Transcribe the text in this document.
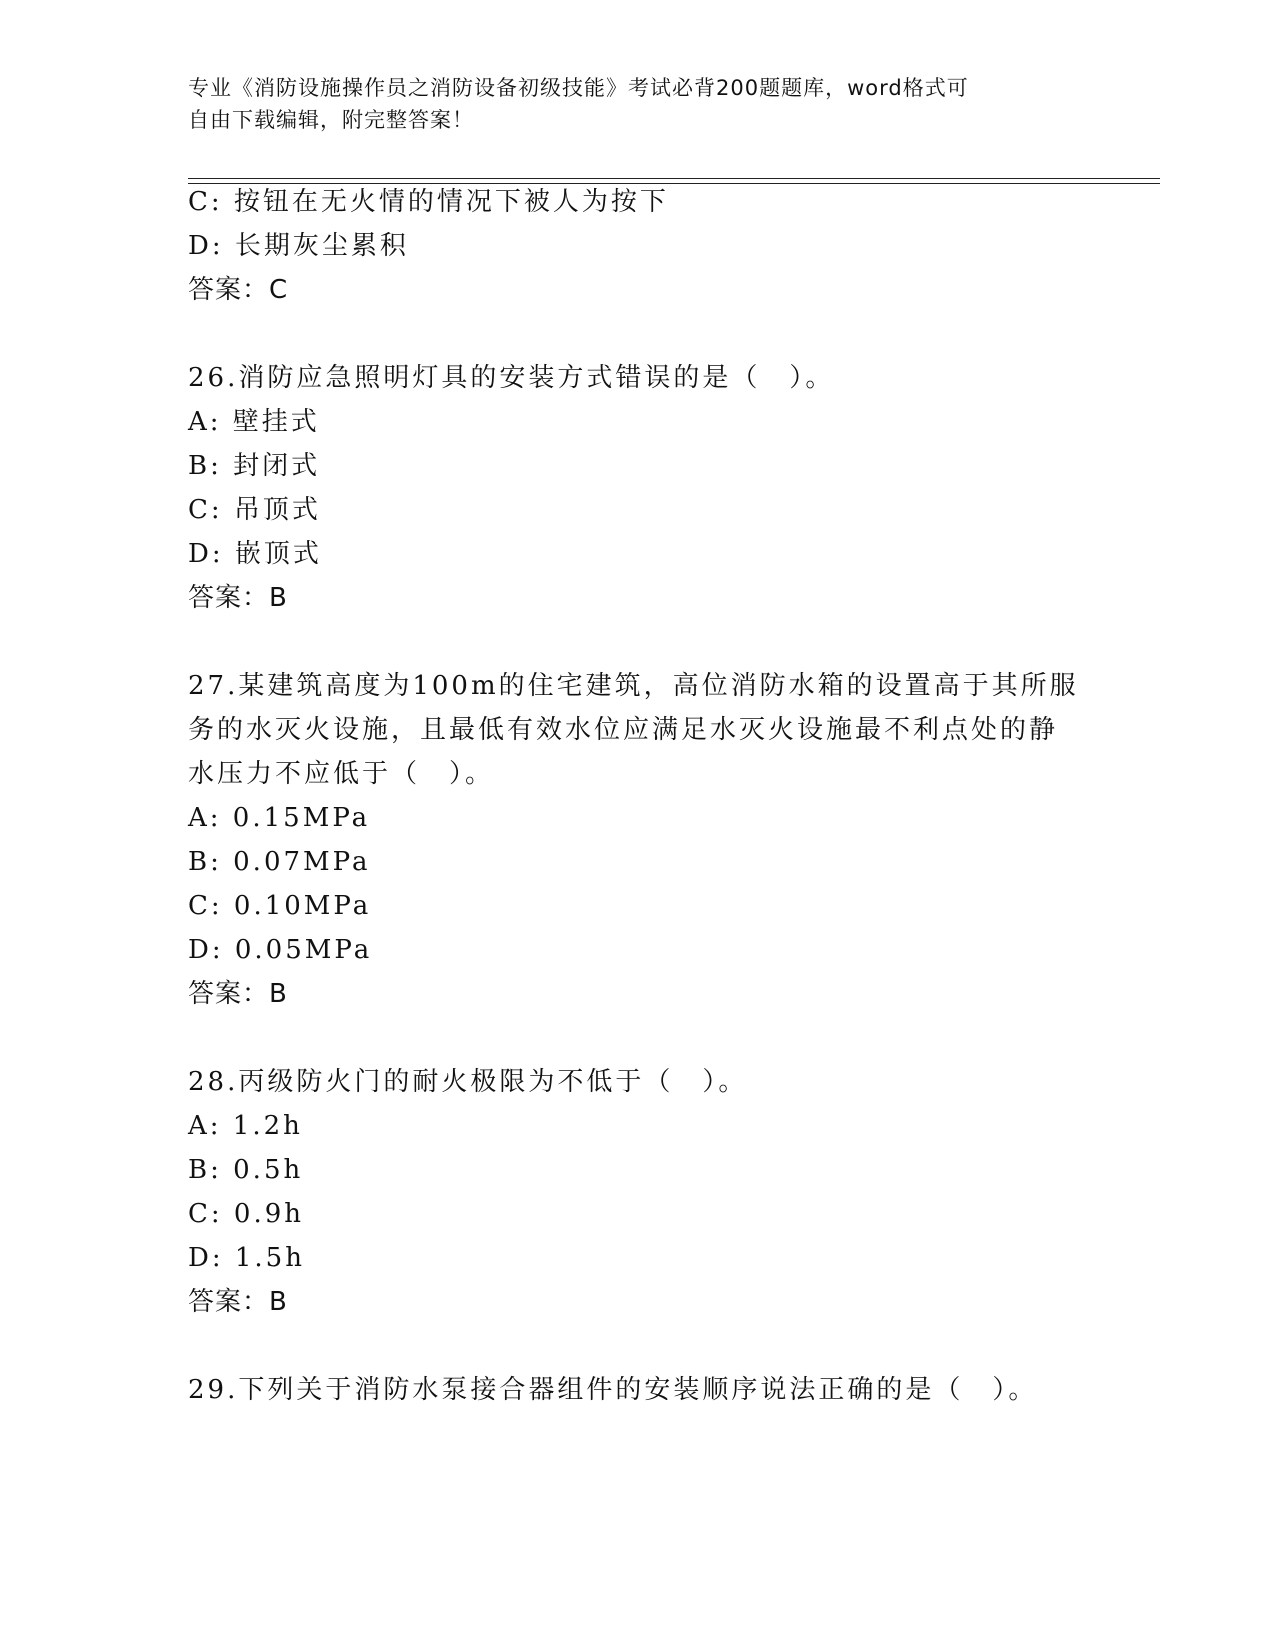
专业《消防设施操作员之消防设备初级技能》考试必背200题题库，word格式可
自由下载编辑，附完整答案！
C: 按钮在无火情的情况下被人为按下
D: 长期灰尘累积
答案：C
26.消防应急照明灯具的安装方式错误的是（　）。
A: 壁挂式
B: 封闭式
C: 吊顶式
D: 嵌顶式
答案：B
27.某建筑高度为100m的住宅建筑，高位消防水箱的设置高于其所服
务的水灭火设施，且最低有效水位应满足水灭火设施最不利点处的静
水压力不应低于（　）。
A: 0.15MPa
B: 0.07MPa
C: 0.10MPa
D: 0.05MPa
答案：B
28.丙级防火门的耐火极限为不低于（　）。
A: 1.2h
B: 0.5h
C: 0.9h
D: 1.5h
答案：B
29.下列关于消防水泵接合器组件的安装顺序说法正确的是（　）。
